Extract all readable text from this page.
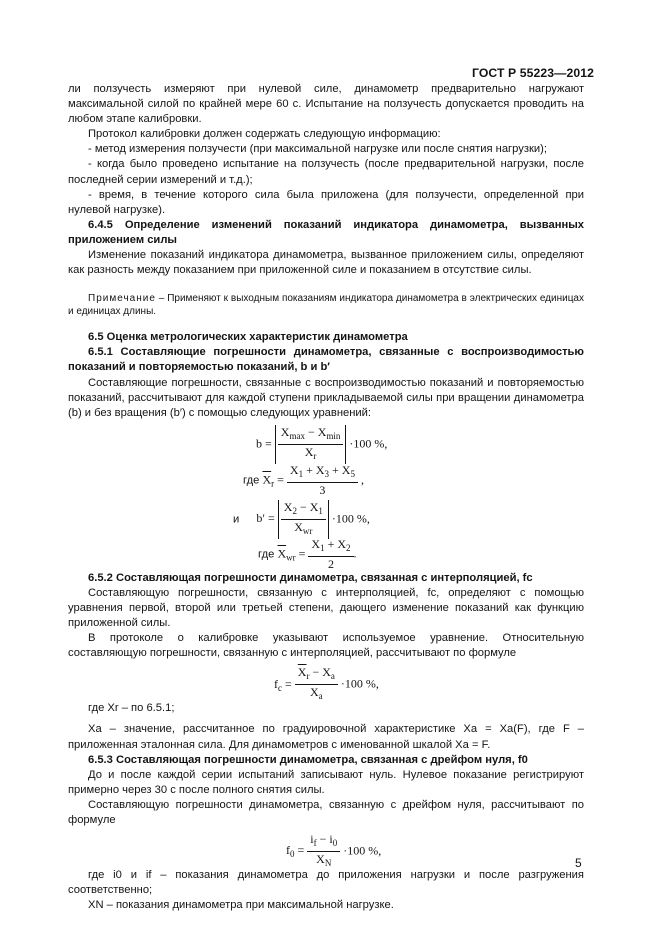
ГОСТ Р 55223—2012

ли ползучесть измеряют при нулевой силе, динамометр предварительно нагружают максимальной силой по крайней мере 60 с. Испытание на ползучесть допускается проводить на любом этапе калибровки.

Протокол калибровки должен содержать следующую информацию:

- метод измерения ползучести (при максимальной нагрузке или после снятия нагрузки);

- когда было проведено испытание на ползучесть (после предварительной нагрузки, после последней серии измерений и т.д.);

- время, в течение которого сила была приложена (для ползучести, определенной при нулевой нагрузке).

6.4.5 Определение изменений показаний индикатора динамометра, вызванных приложением силы

Изменение показаний индикатора динамометра, вызванное приложением силы, определяют как разность между показанием при приложенной силе и показанием в отсутствие силы.

Примечание – Применяют к выходным показаниям индикатора динамометра в электрических единицах и единицах длины.

6.5 Оценка метрологических характеристик динамометра

6.5.1 Составляющие погрешности динамометра, связанные с воспроизводимостью показаний и повторяемостью показаний, b и b′

Составляющие погрешности, связанные с воспроизводимостью показаний и повторяемостью показаний, рассчитывают для каждой ступени прикладываемой силы при вращении динамометра (b) и без вращения (b′) с помощью следующих уравнений:

$b = \frac{X_{max} - X_{min}}{\overline{X}_r} \cdot 100$ %,
где $\overline{X}_r = \frac{X_1 + X_3 + X_5}{3}$ ,
и $b' = \frac{X_2 - X_1}{\overline{X}_{wr}} \cdot 100$ %,
где $\overline{X}_{wr} = \frac{X_1 + X_2}{2}$ .

6.5.2 Составляющая погрешности динамометра, связанная с интерполяцией, fc

Составляющую погрешности, связанную с интерполяцией, fc, определяют с помощью уравнения первой, второй или третьей степени, дающего изменение показаний как функцию приложенной силы.

В протоколе о калибровке указывают используемое уравнение. Относительную составляющую погрешности, связанную с интерполяцией, рассчитывают по формуле

$f_c = \frac{\overline{X}_r - X_a}{X_a} \cdot 100$ %,

где Xr – по 6.5.1;

Xa – значение, рассчитанное по градуировочной характеристике Xa = Xa(F), где F – приложенная эталонная сила. Для динамометров с именованной шкалой Xa = F.

6.5.3 Составляющая погрешности динамометра, связанная с дрейфом нуля, f0

До и после каждой серии испытаний записывают нуль. Нулевое показание регистрируют примерно через 30 с после полного снятия силы.

Составляющую погрешности динамометра, связанную с дрейфом нуля, рассчитывают по формуле

$f_0 = \frac{i_f - i_0}{X_N} \cdot 100$ %,

где i0 и if – показания динамометра до приложения нагрузки и после разгружения соответственно;

XN – показания динамометра при максимальной нагрузке.

5
